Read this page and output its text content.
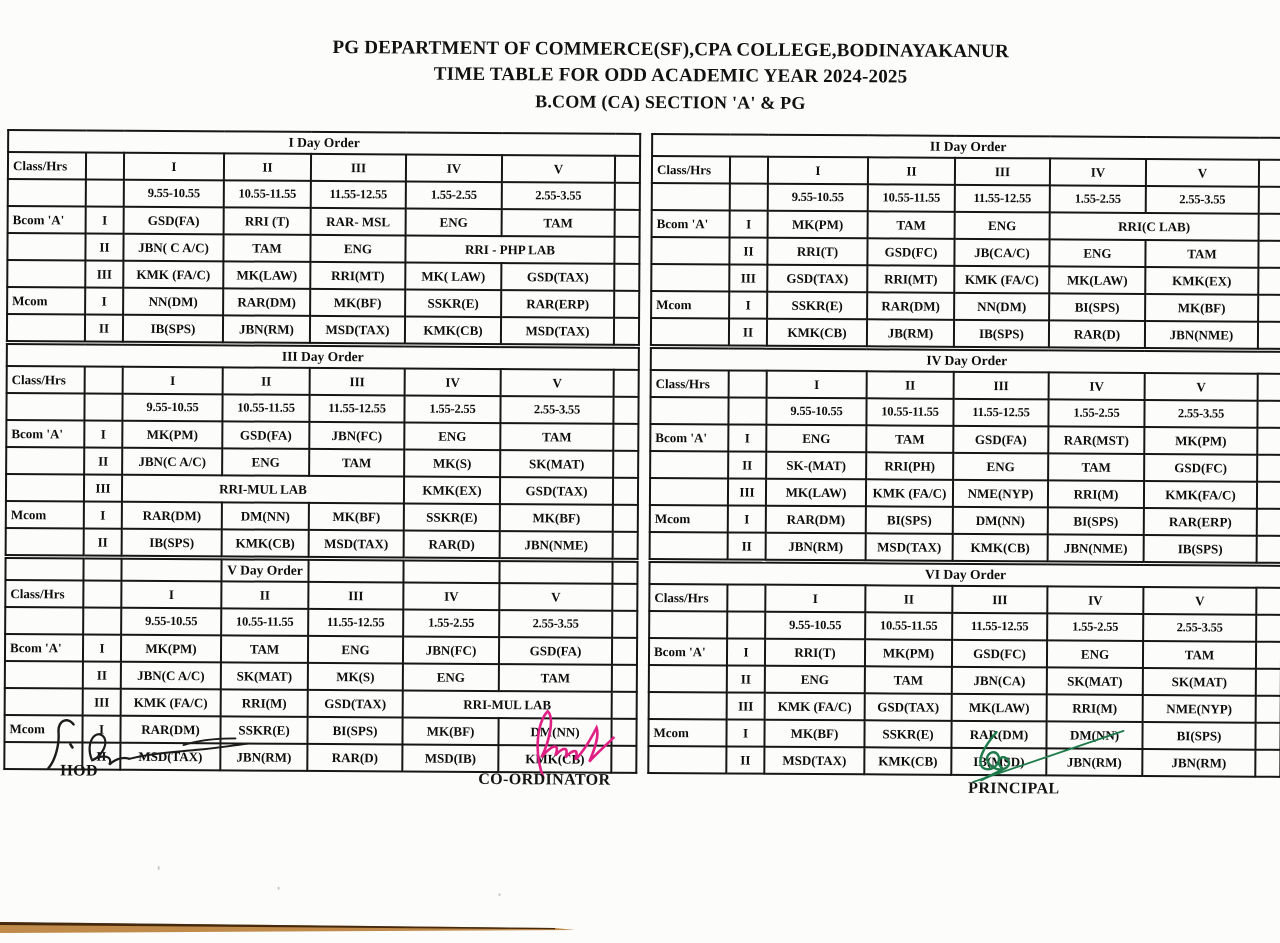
PG DEPARTMENT OF COMMERCE(SF),CPA COLLEGE,BODINAYAKANUR
TIME TABLE FOR ODD ACADEMIC YEAR 2024-2025
B.COM (CA) SECTION 'A' & PG
I Day Order							
Class/Hrs		I	II	III	IV	V	
		9.55-10.55	10.55-11.55	11.55-12.55	1.55-2.55	2.55-3.55	
Bcom 'A'	I	GSD(FA)	RRI (T)	RAR- MSL	ENG	TAM	
	II	JBN( C A/C)	TAM	ENG	RRI - PHP LAB		
	III	KMK (FA/C)	MK(LAW)	RRI(MT)	MK( LAW)	GSD(TAX)	
Mcom	I	NN(DM)	RAR(DM)	MK(BF)	SSKR(E)	RAR(ERP)	
	II	IB(SPS)	JBN(RM)	MSD(TAX)	KMK(CB)	MSD(TAX)	
II Day Order							
Class/Hrs		I	II	III	IV	V	
		9.55-10.55	10.55-11.55	11.55-12.55	1.55-2.55	2.55-3.55	
Bcom 'A'	I	MK(PM)	TAM	ENG	RRI(C LAB)		
	II	RRI(T)	GSD(FC)	JB(CA/C)	ENG	TAM	
	III	GSD(TAX)	RRI(MT)	KMK (FA/C)	MK(LAW)	KMK(EX)	
Mcom	I	SSKR(E)	RAR(DM)	NN(DM)	BI(SPS)	MK(BF)	
	II	KMK(CB)	JB(RM)	IB(SPS)	RAR(D)	JBN(NME)	
III Day Order							
Class/Hrs		I	II	III	IV	V	
		9.55-10.55	10.55-11.55	11.55-12.55	1.55-2.55	2.55-3.55	
Bcom 'A'	I	MK(PM)	GSD(FA)	JBN(FC)	ENG	TAM	
	II	JBN(C A/C)	ENG	TAM	MK(S)	SK(MAT)	
	III	RRI-MUL LAB			KMK(EX)	GSD(TAX)	
Mcom	I	RAR(DM)	DM(NN)	MK(BF)	SSKR(E)	MK(BF)	
	II	IB(SPS)	KMK(CB)	MSD(TAX)	RAR(D)	JBN(NME)	
IV Day Order							
Class/Hrs		I	II	III	IV	V	
		9.55-10.55	10.55-11.55	11.55-12.55	1.55-2.55	2.55-3.55	
Bcom 'A'	I	ENG	TAM	GSD(FA)	RAR(MST)	MK(PM)	
	II	SK-(MAT)	RRI(PH)	ENG	TAM	GSD(FC)	
	III	MK(LAW)	KMK (FA/C)	NME(NYP)	RRI(M)	KMK(FA/C)	
Mcom	I	RAR(DM)	BI(SPS)	DM(NN)	BI(SPS)	RAR(ERP)	
	II	JBN(RM)	MSD(TAX)	KMK(CB)	JBN(NME)	IB(SPS)	
			V Day Order				
Class/Hrs		I	II	III	IV	V	
		9.55-10.55	10.55-11.55	11.55-12.55	1.55-2.55	2.55-3.55	
Bcom 'A'	I	MK(PM)	TAM	ENG	JBN(FC)	GSD(FA)	
	II	JBN(C A/C)	SK(MAT)	MK(S)	ENG	TAM	
	III	KMK (FA/C)	RRI(M)	GSD(TAX)	RRI-MUL LAB		
Mcom	I	RAR(DM)	SSKR(E)	BI(SPS)	MK(BF)	DM(NN)	
	II	MSD(TAX)	JBN(RM)	RAR(D)	MSD(IB)	KMK(CB)	
VI Day Order							
Class/Hrs		I	II	III	IV	V	
		9.55-10.55	10.55-11.55	11.55-12.55	1.55-2.55	2.55-3.55	
Bcom 'A'	I	RRI(T)	MK(PM)	GSD(FC)	ENG	TAM	
	II	ENG	TAM	JBN(CA)	SK(MAT)	SK(MAT)	
	III	KMK (FA/C)	GSD(TAX)	MK(LAW)	RRI(M)	NME(NYP)	
Mcom	I	MK(BF)	SSKR(E)	RAR(DM)	DM(NN)	BI(SPS)	
	II	MSD(TAX)	KMK(CB)	IB(MSD)	JBN(RM)	JBN(RM)	
HOD	CO-ORDINATOR	PRINCIPAL
